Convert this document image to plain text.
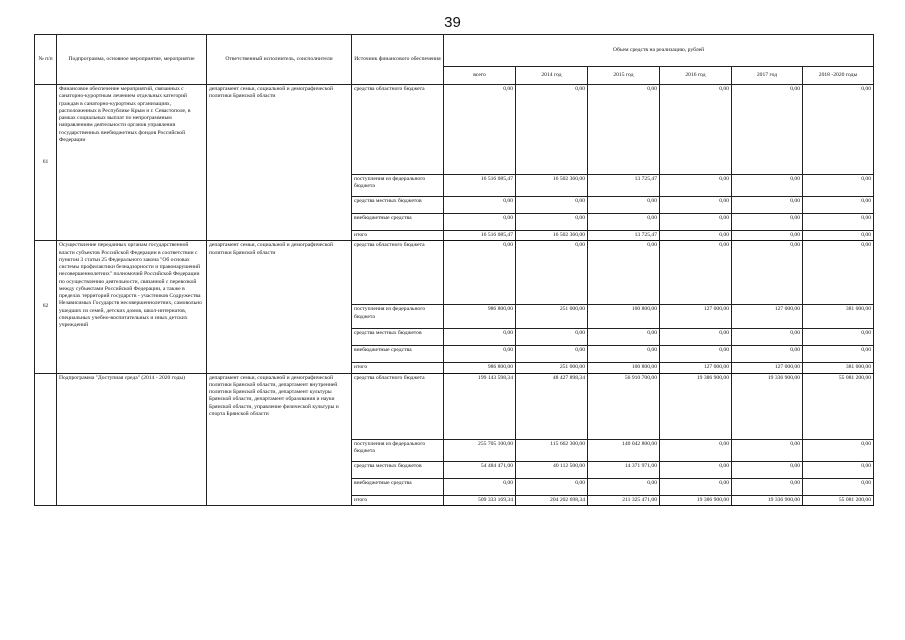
39
№ п/п	Подпрограмма, основное мероприятие, мероприятие	Ответственный исполнитель, соисполнители	Источник финансового обеспечения	Объем средств на реализацию, рублей					
				всего	2014 год	2015 год	2016 год	2017 год	2018 -2020 годы
61	Финансовое обеспечение мероприятий, связанных с санаторно-курортным лечением отдельных категорий граждан в санаторно-курортных организациях, расположенных в Республике Крым и г. Севастополе, в рамках социальных выплат по непрограммным направлениям деятельности органов управления государственных внебюджетных фондов Российской Федерации	департамент семьи, социальной и демографической политики Брянской области	средства областного бюджета	0,00	0,00	0,00	0,00	0,00	0,00
			поступления из федерального бюджета	16 516 085,47	16 502 360,00	13 725,47	0,00	0,00	0,00
			средства местных бюджетов	0,00	0,00	0,00	0,00	0,00	0,00
			внебюджетные средства	0,00	0,00	0,00	0,00	0,00	0,00
			итого	16 516 085,47	16 502 360,00	13 725,47	0,00	0,00	0,00
62	Осуществление переданных органам государственной власти субъектов Российской Федерации в соответствии с пунктом 3 статьи 25 Федерального закона "Об основах системы профилактики безнадзорности и правонарушений несовершеннолетних" полномочий Российской Федерации по осуществлению деятельности, связанной с перевозкой между субъектами Российской Федерации, а также в пределах территорий государств - участников Содружества Независимых Государств несовершеннолетних, самовольно ушедших из семей, детских домов, школ-интернатов, специальных учебно-воспитательных и иных детских учреждений	департамент семьи, социальной и демографической политики Брянской области	средства областного бюджета	0,00	0,00	0,00	0,00	0,00	0,00
			поступления из федерального бюджета	986 800,00	251 000,00	100 800,00	127 000,00	127 000,00	381 000,00
			средства местных бюджетов	0,00	0,00	0,00	0,00	0,00	0,00
			внебюджетные средства	0,00	0,00	0,00	0,00	0,00	0,00
			итого	986 800,00	251 000,00	100 800,00	127 000,00	127 000,00	381 000,00
	Подпрограмма "Доступная среда" (2014 - 2020 годы)	департамент семьи, социальной и демографической политики Брянской области, департамент внутренней политики Брянской области, департамент культуры Брянской области, департамент образования и науки Брянской области, управление физической культуры и спорта Брянской области	средства областного бюджета	199 143 598,34	48 427 898,34	56 910 700,00	19 386 900,00	19 336 900,00	55 081 200,00
			поступления из федерального бюджета	255 705 100,00	115 662 300,00	140 042 800,00	0,00	0,00	0,00
			средства местных бюджетов	54 484 471,00	40 112 500,00	14 371 971,00	0,00	0,00	0,00
			внебюджетные средства	0,00	0,00	0,00	0,00	0,00	0,00
			итого	509 333 169,34	204 202 698,34	211 325 471,00	19 386 900,00	19 336 900,00	55 081 200,00
